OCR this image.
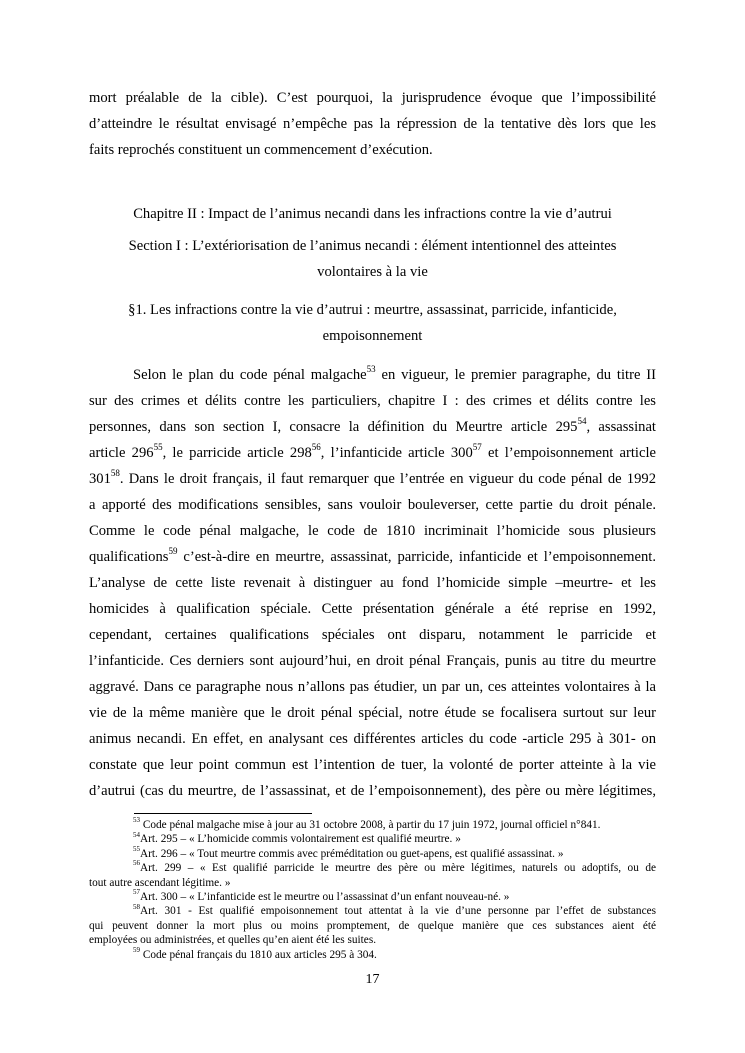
mort préalable de la cible). C’est pourquoi, la jurisprudence évoque que l’impossibilité
d’atteindre le résultat envisagé n’empêche pas la répression de la tentative dès lors que les
faits reprochés constituent un commencement d’exécution.
Chapitre II : Impact de l’animus necandi dans les infractions contre la vie d’autrui
Section I : L’extériorisation de l’animus necandi : élément intentionnel des atteintes
volontaires à la vie
§1. Les infractions contre la vie d’autrui : meurtre, assassinat, parricide, infanticide,
empoisonnement
Selon le plan du code pénal malgache$^{53}$ en vigueur, le premier paragraphe, du titre II
sur des crimes et délits contre les particuliers, chapitre I : des crimes et délits contre les
personnes, dans son section I, consacre la définition du Meurtre article $295^{54}$, assassinat
article $296^{55}$, le parricide article $298^{56}$, l’infanticide article $300^{57}$ et l’empoisonnement article
$301^{58}$. Dans le droit français, il faut remarquer que l’entrée en vigueur du code pénal de 1992
a apporté des modifications sensibles, sans vouloir bouleverser, cette partie du droit pénale.
Comme le code pénal malgache, le code de 1810 incriminait l’homicide sous plusieurs
qualifications$^{59}$ c’est-à-dire en meurtre, assassinat, parricide, infanticide et l’empoisonnement.
L’analyse de cette liste revenait à distinguer au fond l’homicide simple –meurtre- et les
homicides à qualification spéciale. Cette présentation générale a été reprise en 1992,
cependant, certaines qualifications spéciales ont disparu, notamment le parricide et
l’infanticide. Ces derniers sont aujourd’hui, en droit pénal Français, punis au titre du meurtre
aggravé. Dans ce paragraphe nous n’allons pas étudier, un par un, ces atteintes volontaires à la
vie de la même manière que le droit pénal spécial, notre étude se focalisera surtout sur leur
animus necandi. En effet, en analysant ces différentes articles du code -article 295 à 301- on
constate que leur point commun est l’intention de tuer, la volonté de porter atteinte à la vie
d’autrui (cas du meurtre, de l’assassinat, et de l’empoisonnement), des père ou mère légitimes,
$^{53}$ Code pénal malgache mise à jour au 31 octobre 2008, à partir du 17 juin 1972, journal officiel n°841.
$^{54}$Art. 295 – « L’homicide commis volontairement est qualifié meurtre. »
$^{55}$Art. 296 – « Tout meurtre commis avec préméditation ou guet-apens, est qualifié assassinat. »
$^{56}$Art. 299 – « Est qualifié parricide le meurtre des père ou mère légitimes, naturels ou adoptifs, ou de
tout autre ascendant légitime. »
$^{57}$Art. 300 – « L’infanticide est le meurtre ou l’assassinat d’un enfant nouveau-né. »
$^{58}$Art. 301 - Est qualifié empoisonnement tout attentat à la vie d’une personne par l’effet de substances
qui peuvent donner la mort plus ou moins promptement, de quelque manière que ces substances aient été
employées ou administrées, et quelles qu’en aient été les suites.
$^{59}$ Code pénal français du 1810 aux articles 295 à 304.
17
